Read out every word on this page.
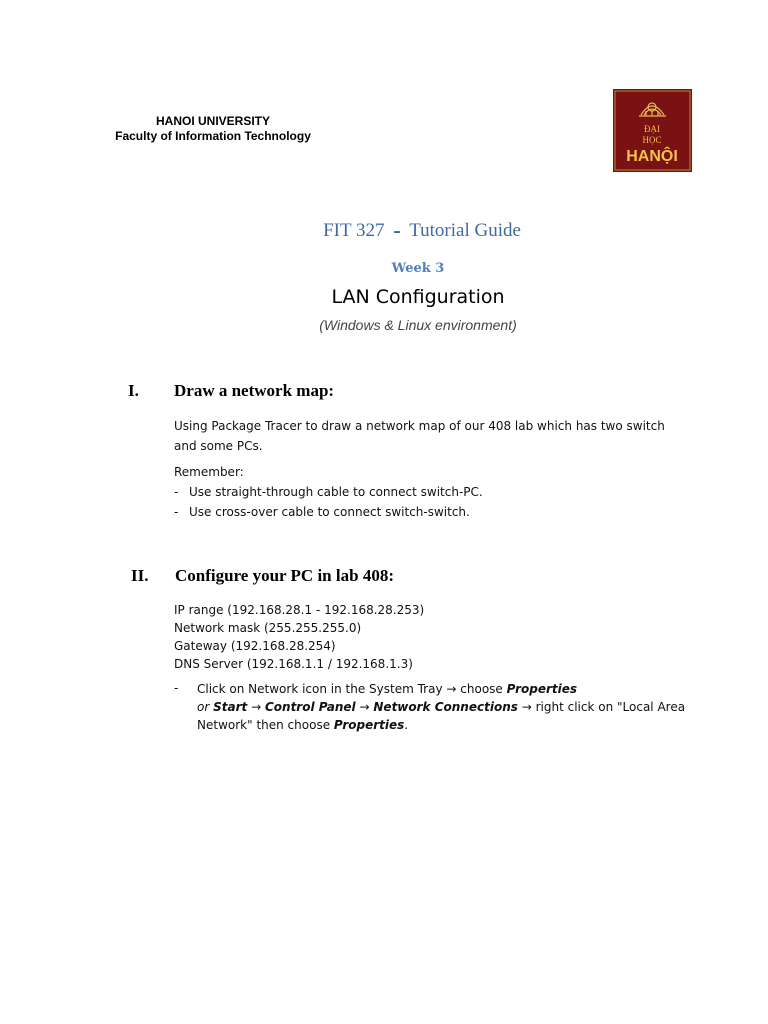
HANOI UNIVERSITY
Faculty of Information Technology	ĐẠI
HỌC
HANỘI
FIT 327 – Tutorial Guide
Week 3
LAN Configuration
(Windows & Linux environment)
I. Draw a network map:
Using Package Tracer to draw a network map of our 408 lab which has two switch
and some PCs.
Remember:
- Use straight-through cable to connect switch-PC.
- Use cross-over cable to connect switch-switch.
II. Configure your PC in lab 408:
IP range (192.168.28.1 - 192.168.28.253)
Network mask (255.255.255.0)
Gateway (192.168.28.254)
DNS Server (192.168.1.1 / 192.168.1.3)
- Click on Network icon in the System Tray → choose Properties
or Start → Control Panel → Network Connections → right click on "Local Area
Network" then choose Properties.
